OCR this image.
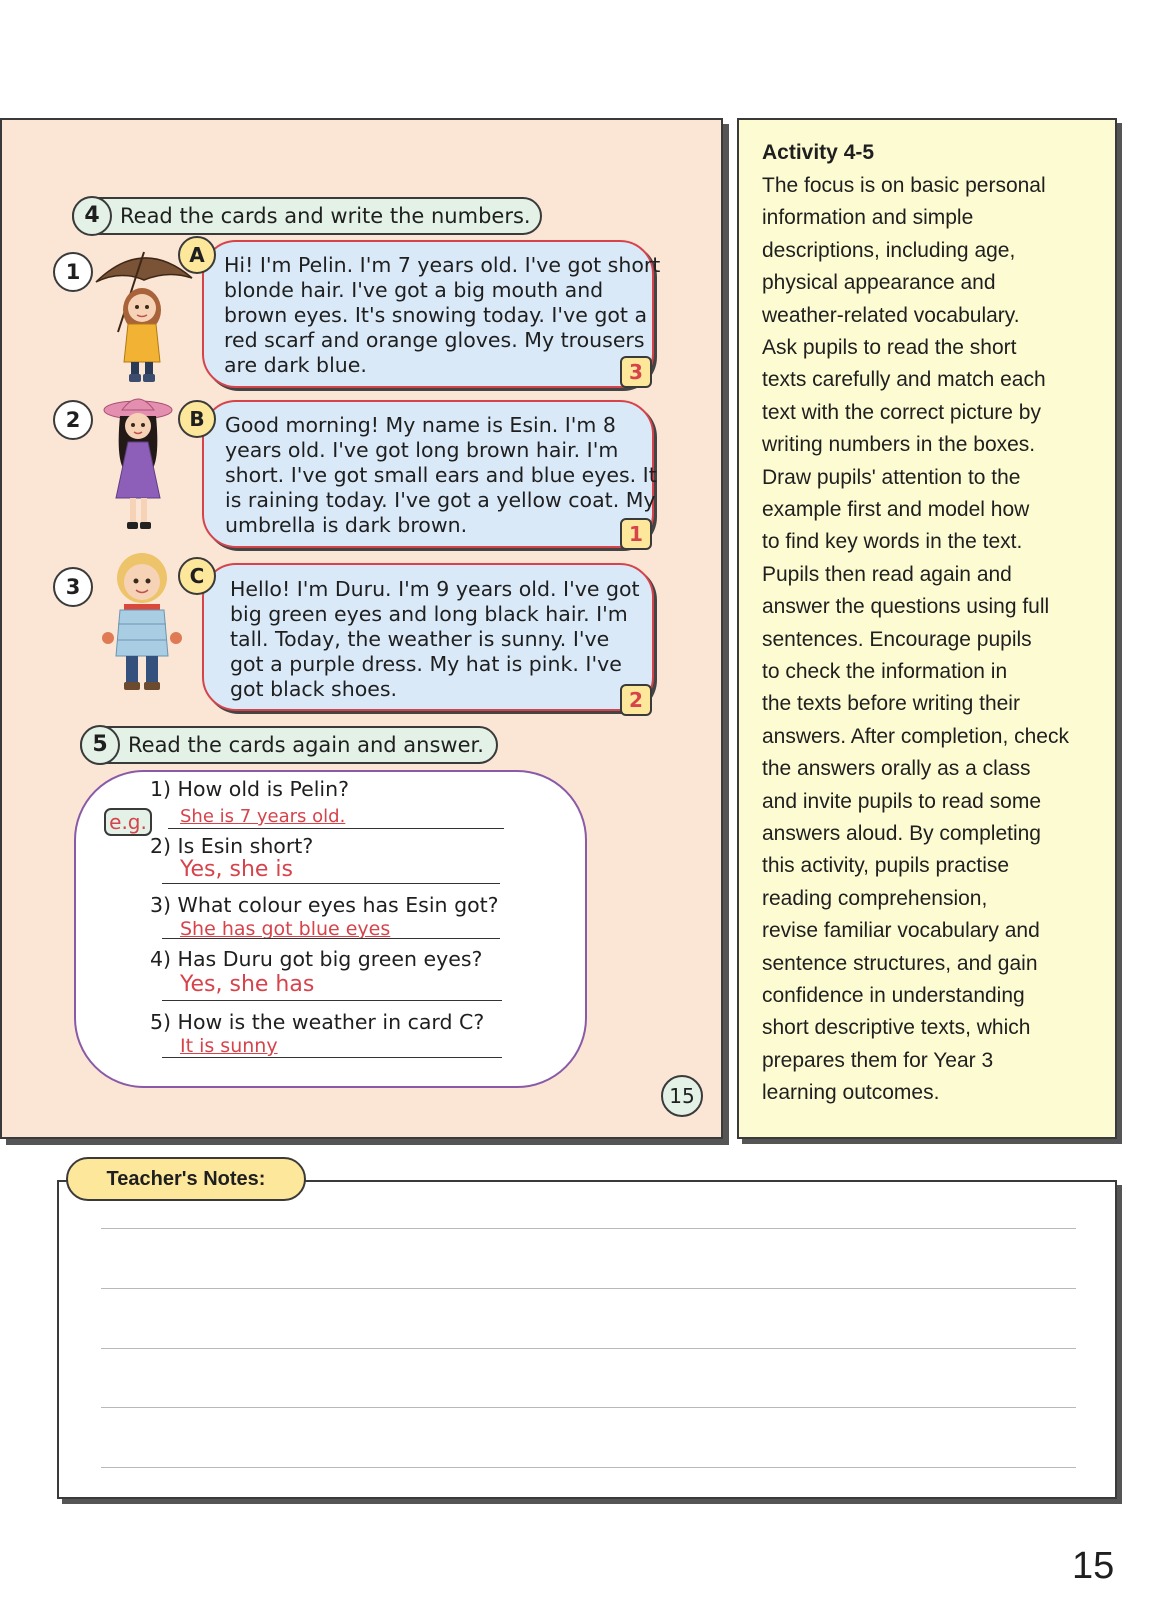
4 Read the cards and write the numbers.
1
2
3
A Hi! I'm Pelin. I'm 7 years old. I've got short
blonde hair. I've got a big mouth and
brown eyes. It's snowing today. I've got a
red scarf and orange gloves. My trousers
are dark blue.	3
B Good morning! My name is Esin. I'm 8
years old. I've got long brown hair. I'm
short. I've got small ears and blue eyes. It
is raining today. I've got a yellow coat. My
umbrella is dark brown.	1
C
Hello! I'm Duru. I'm 9 years old. I've got
big green eyes and long black hair. I'm
tall. Today, the weather is sunny. I've
got a purple dress. My hat is pink. I've
got black shoes.	2
5 Read the cards again and answer.
e.g.
1) How old is Pelin?
She is 7 years old.
2) Is Esin short?
Yes, she is
3) What colour eyes has Esin got?
She has got blue eyes
4) Has Duru got big green eyes?
Yes, she has
5) How is the weather in card C?
It is sunny
15
Activity 4-5
The focus is on basic personal
information and simple
descriptions, including age,
physical appearance and
weather-related vocabulary.
Ask pupils to read the short
texts carefully and match each
text with the correct picture by
writing numbers in the boxes.
Draw pupils' attention to the
example first and model how
to find key words in the text.
Pupils then read again and
answer the questions using full
sentences. Encourage pupils
to check the information in
the texts before writing their
answers. After completion, check
the answers orally as a class
and invite pupils to read some
answers aloud. By completing
this activity, pupils practise
reading comprehension,
revise familiar vocabulary and
sentence structures, and gain
confidence in understanding
short descriptive texts, which
prepares them for Year 3
learning outcomes.
Teacher's Notes:
15
